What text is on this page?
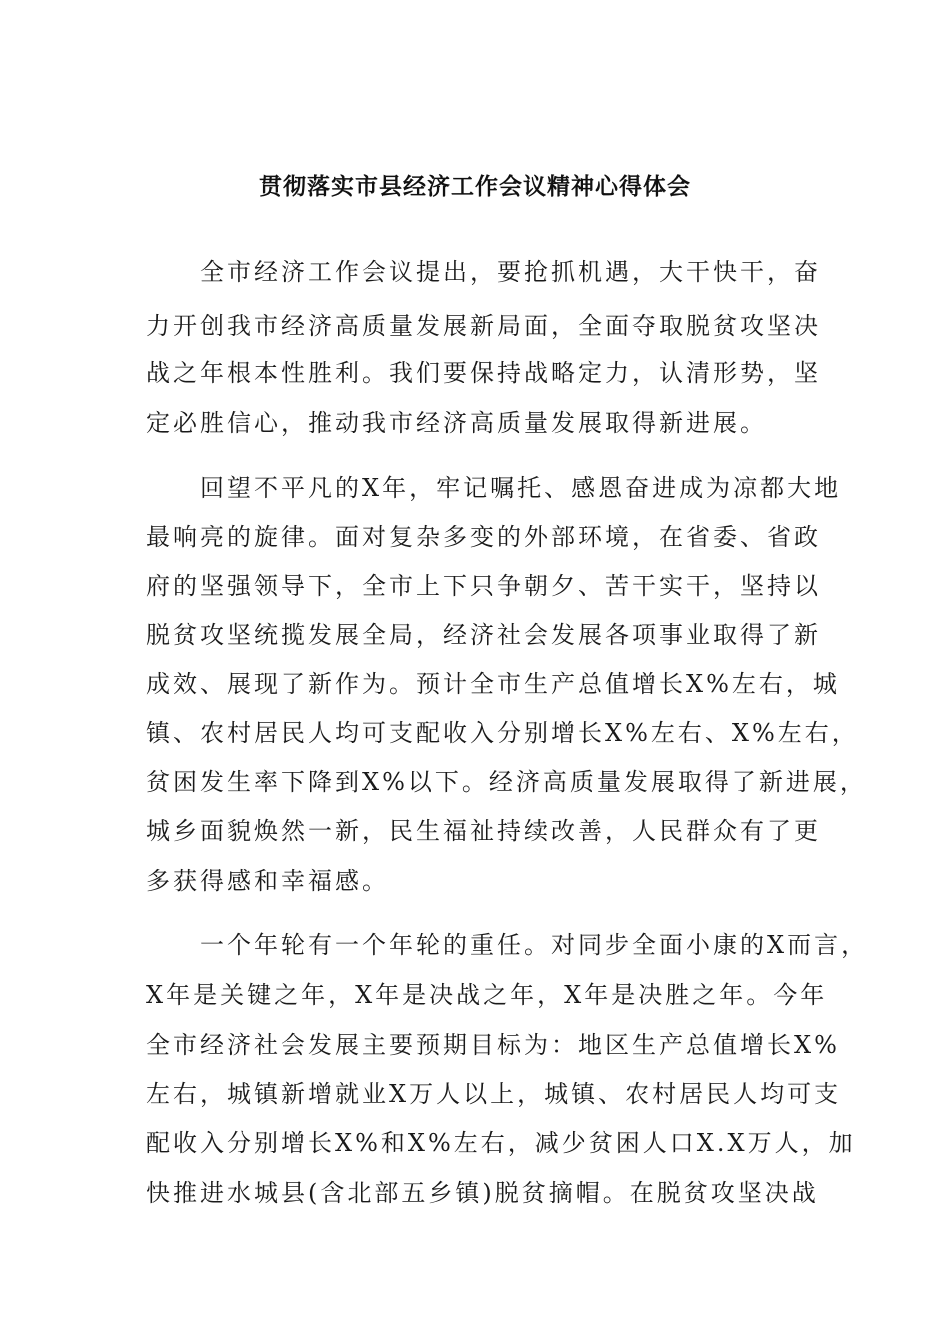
贯彻落实市县经济工作会议精神心得体会
全市经济工作会议提出，要抢抓机遇，大干快干，奋
力开创我市经济高质量发展新局面，全面夺取脱贫攻坚决
战之年根本性胜利。我们要保持战略定力，认清形势，坚
定必胜信心，推动我市经济高质量发展取得新进展。
回望不平凡的X年，牢记嘱托、感恩奋进成为凉都大地
最响亮的旋律。面对复杂多变的外部环境，在省委、省政
府的坚强领导下，全市上下只争朝夕、苦干实干，坚持以
脱贫攻坚统揽发展全局，经济社会发展各项事业取得了新
成效、展现了新作为。预计全市生产总值增长X%左右，城
镇、农村居民人均可支配收入分别增长X%左右、X%左右，
贫困发生率下降到X%以下。经济高质量发展取得了新进展，
城乡面貌焕然一新，民生福祉持续改善，人民群众有了更
多获得感和幸福感。
一个年轮有一个年轮的重任。对同步全面小康的X而言，
X年是关键之年，X年是决战之年，X年是决胜之年。今年
全市经济社会发展主要预期目标为：地区生产总值增长X%
左右，城镇新增就业X万人以上，城镇、农村居民人均可支
配收入分别增长X%和X%左右，减少贫困人口X.X万人，加
快推进水城县(含北部五乡镇)脱贫摘帽。在脱贫攻坚决战
